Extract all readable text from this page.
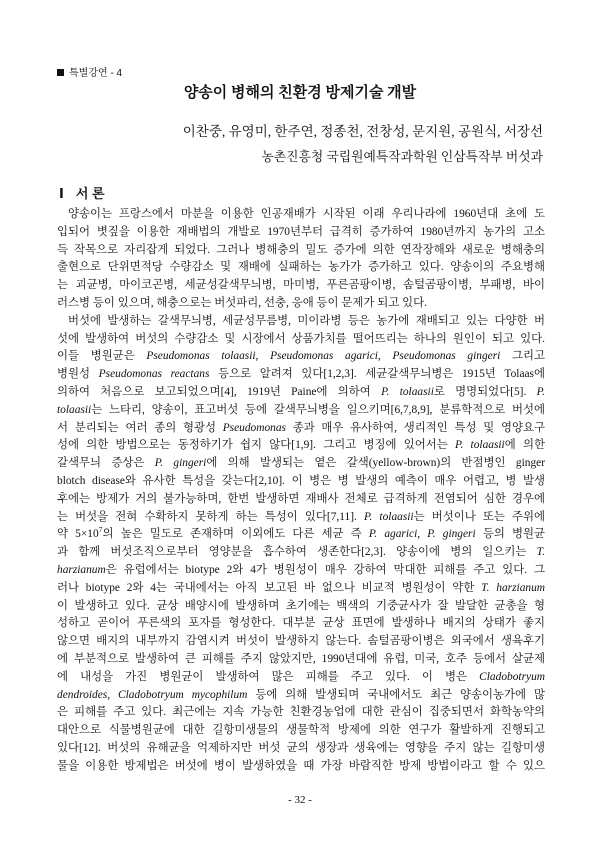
특별강연 - 4
양송이 병해의 친환경 방제기술 개발
이찬중, 유영미, 한주연, 정종천, 전창성, 문지원, 공원식, 서장선
농촌진흥청 국립원예특작과학원 인삼특작부 버섯과
Ⅰ 서 론
양송이는 프랑스에서 마분을 이용한 인공재배가 시작된 이래 우리나라에 1960년대 초에 도
입되어 볏짚을 이용한 재배법의 개발로 1970년부터 급격히 증가하여 1980년까지 농가의 고소
득 작목으로 자리잡게 되었다. 그러나 병해충의 밀도 증가에 의한 연작장해와 새로운 병해충의
출현으로 단위면적당 수량감소 및 재배에 실패하는 농가가 증가하고 있다. 양송이의 주요병해
는 괴균병, 마이코곤병, 세균성갈색무늬병, 마미병, 푸른곰팡이병, 솜털곰팡이병, 부패병, 바이
러스병 등이 있으며, 해충으로는 버섯파리, 선충, 응애 등이 문제가 되고 있다.
버섯에 발생하는 갈색무늬병, 세균성무름병, 미이라병 등은 농가에 재배되고 있는 다양한 버
섯에 발생하여 버섯의 수량감소 및 시장에서 상품가치를 떨어뜨리는 하나의 원인이 되고 있다.
이들 병원균은 Pseudomonas tolaasii, Pseudomonas agarici, Pseudomonas gingeri 그리고
병원성 Pseudomonas reactans 등으로 알려져 있다[1,2,3]. 세균갈색무늬병은 1915년 Tolaas에
의하여 처음으로 보고되었으며[4], 1919년 Paine에 의하여 P. tolaasii로 명명되었다[5]. P.
tolaasii는 느타리, 양송이, 표고버섯 등에 갈색무늬병을 일으키며[6,7,8,9], 분류학적으로 버섯에
서 분리되는 여러 종의 형광성 Pseudomonas 종과 매우 유사하여, 생리적인 특성 및 영양요구
성에 의한 방법으로는 동정하기가 쉽지 않다[1,9]. 그리고 병징에 있어서는 P. tolaasii에 의한
갈색무늬 증상은 P. gingeri에 의해 발생되는 옅은 갈색(yellow-brown)의 반점병인 ginger
blotch disease와 유사한 특성을 갖는다[2,10]. 이 병은 병 발생의 예측이 매우 어렵고, 병 발생
후에는 방제가 거의 불가능하며, 한번 발생하면 재배사 전체로 급격하게 전염되어 심한 경우에
는 버섯을 전혀 수확하지 못하게 하는 특성이 있다[7,11]. P. tolaasii는 버섯이나 또는 주위에
약 $5\times 10^7$의 높은 밀도로 존재하며 이외에도 다른 세균 즉 P. agarici, P. gingeri 등의 병원균
과 함께 버섯조직으로부터 영양분을 흡수하여 생존한다[2,3]. 양송이에 병의 일으키는 T.
harzianum은 유럽에서는 biotype 2와 4가 병원성이 매우 강하여 막대한 피해를 주고 있다. 그
러나 biotype 2와 4는 국내에서는 아직 보고된 바 없으나 비교적 병원성이 약한 T. harzianum
이 발생하고 있다. 균상 배양시에 발생하며 초기에는 백색의 기중균사가 잘 발달한 균총을 형
성하고 곧이어 푸른색의 포자를 형성한다. 대부분 균상 표면에 발생하나 배지의 상태가 좋지
않으면 배지의 내부까지 감염시켜 버섯이 발생하지 않는다. 솜털곰팡이병은 외국에서 생육후기
에 부분적으로 발생하여 큰 피해를 주지 않았지만, 1990년대에 유럽, 미국, 호주 등에서 살균제
에 내성을 가진 병원균이 발생하여 많은 피해를 주고 있다. 이 병은 Cladobotryum
dendroides, Cladobotryum mycophilum 등에 의해 발생되며 국내에서도 최근 양송이농가에 많
은 피해를 주고 있다. 최근에는 지속 가능한 친환경농업에 대한 관심이 집중되면서 화학농약의
대안으로 식물병원균에 대한 길항미생물의 생물학적 방제에 의한 연구가 활발하게 진행되고
있다[12]. 버섯의 유해균을 억제하지만 버섯 균의 생장과 생육에는 영향을 주지 않는 길항미생
물을 이용한 방제법은 버섯에 병이 발생하였을 때 가장 바람직한 방제 방법이라고 할 수 있으
- 32 -
